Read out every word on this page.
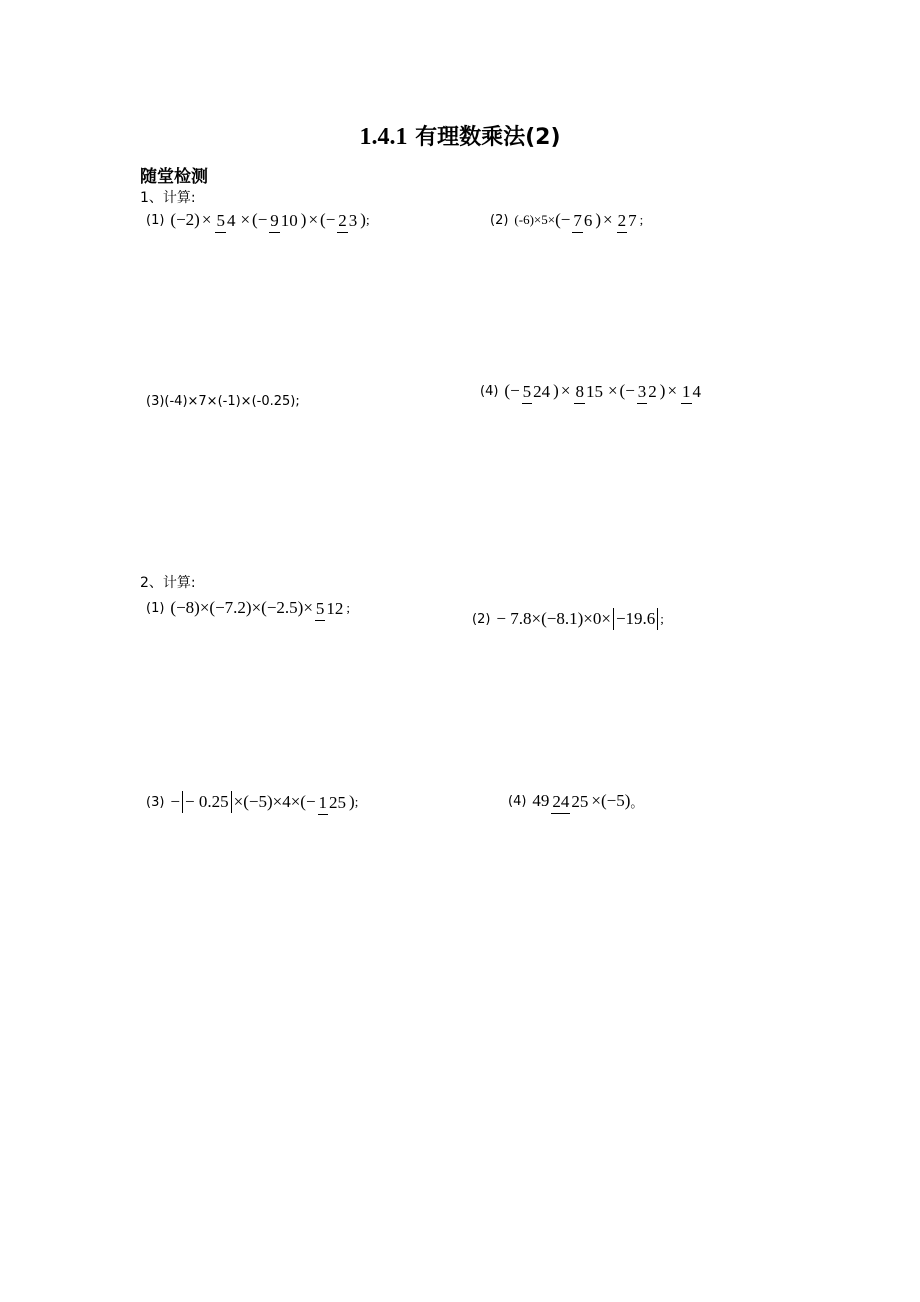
1.4.1 有理数乘法(2)
随堂检测
1、计算:
(1) (−2) × 5 4 × (− 9 10 ) × (− 2 3 ) ;	(2) (-6)×5× (− 7 6 ) × 2 7 ;
(3)(-4)×7×(-1)×(-0.25);
(4) (− 5 24 ) × 8 15 × (− 3 2 ) × 1 4
2、计算:
(1) (−8)×(−7.2)×(−2.5)× 5 12 ;
(2) − 7.8×(−8.1)×0× −19.6 ;
(3) − − 0.25 ×(−5)×4× (− 1 25 ) ;	(4) 49 24 25 ×(−5) 。
